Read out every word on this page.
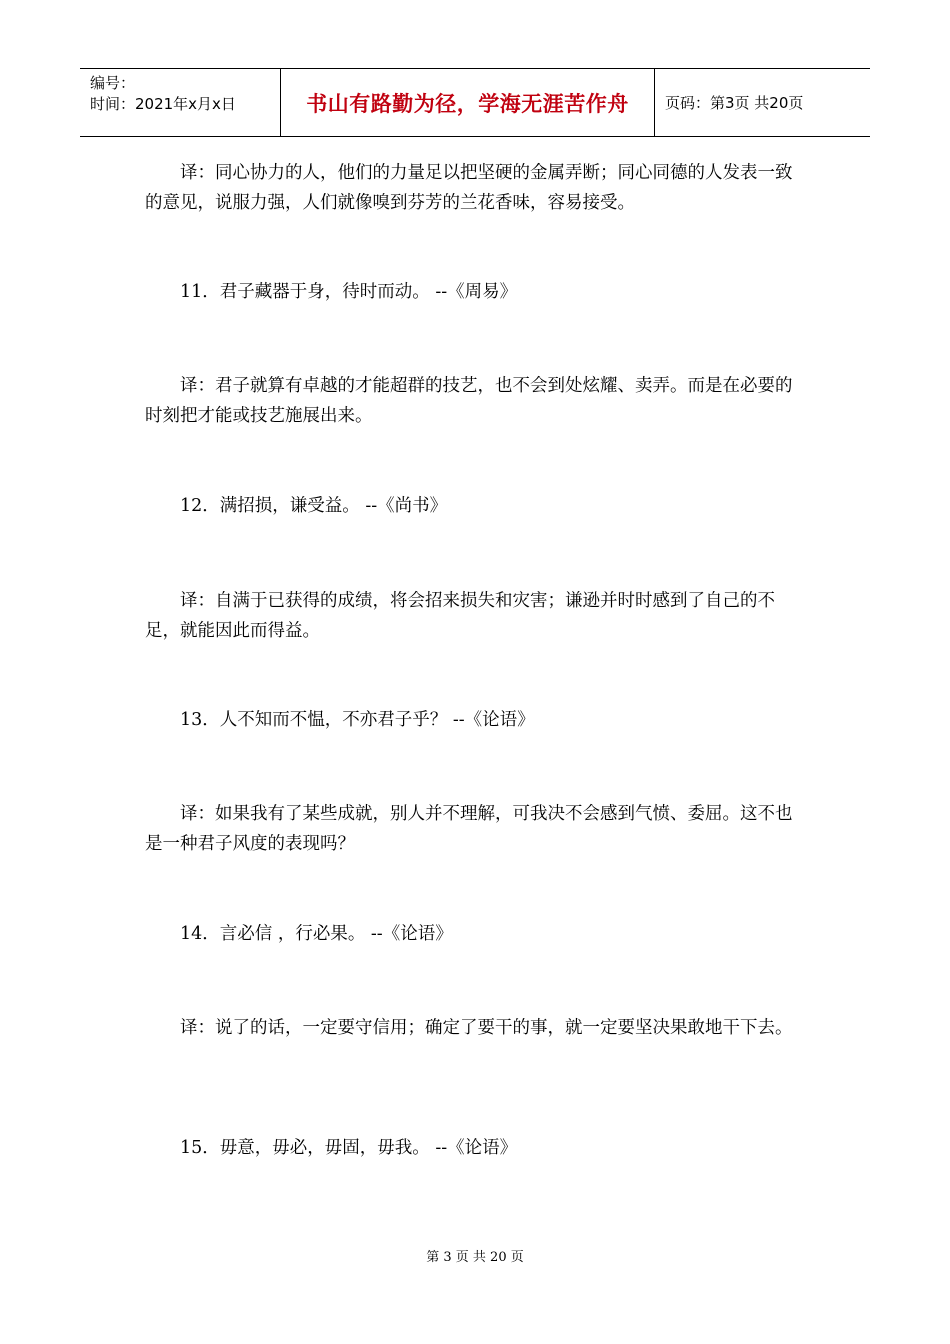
编号：
时间：2021年x月x日	书山有路勤为径，学海无涯苦作舟	页码：第3页 共20页

译：同心协力的人，他们的力量足以把坚硬的金属弄断；同心同德的人发表一致的意见，说服力强，人们就像嗅到芬芳的兰花香味，容易接受。

11．君子藏器于身，待时而动。 --《周易》

译：君子就算有卓越的才能超群的技艺，也不会到处炫耀、卖弄。而是在必要的时刻把才能或技艺施展出来。

12．满招损，谦受益。 --《尚书》

译：自满于已获得的成绩，将会招来损失和灾害；谦逊并时时感到了自己的不足，就能因此而得益。

13．人不知而不愠，不亦君子乎？ --《论语》

译：如果我有了某些成就，别人并不理解，可我决不会感到气愤、委屈。这不也是一种君子风度的表现吗？

14．言必信 ，行必果。 --《论语》

译：说了的话，一定要守信用；确定了要干的事，就一定要坚决果敢地干下去。

15．毋意，毋必，毋固，毋我。 --《论语》

第 3 页 共 20 页
